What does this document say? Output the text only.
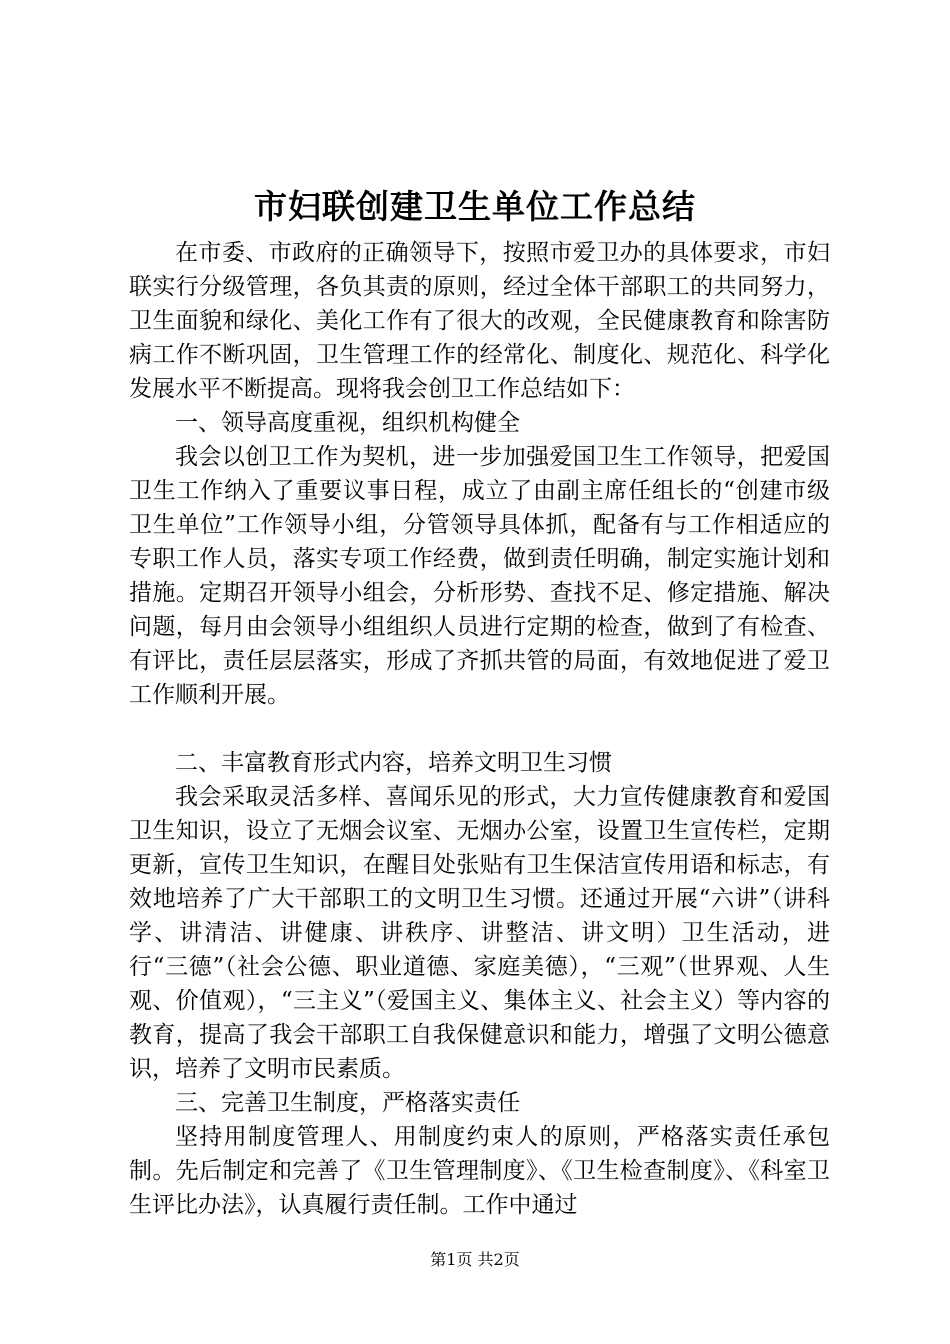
市妇联创建卫生单位工作总结

在市委、市政府的正确领导下，按照市爱卫办的具体要求，市妇联实行分级管理，各负其责的原则，经过全体干部职工的共同努力，卫生面貌和绿化、美化工作有了很大的改观，全民健康教育和除害防病工作不断巩固，卫生管理工作的经常化、制度化、规范化、科学化发展水平不断提高。现将我会创卫工作总结如下：

一、领导高度重视，组织机构健全

我会以创卫工作为契机，进一步加强爱国卫生工作领导，把爱国卫生工作纳入了重要议事日程，成立了由副主席任组长的“创建市级卫生单位”工作领导小组，分管领导具体抓，配备有与工作相适应的专职工作人员，落实专项工作经费，做到责任明确，制定实施计划和措施。定期召开领导小组会，分析形势、查找不足、修定措施、解决问题，每月由会领导小组组织人员进行定期的检查，做到了有检查、有评比，责任层层落实，形成了齐抓共管的局面，有效地促进了爱卫工作顺利开展。

二、丰富教育形式内容，培养文明卫生习惯

我会采取灵活多样、喜闻乐见的形式，大力宣传健康教育和爱国卫生知识，设立了无烟会议室、无烟办公室，设置卫生宣传栏，定期更新，宣传卫生知识，在醒目处张贴有卫生保洁宣传用语和标志，有效地培养了广大干部职工的文明卫生习惯。还通过开展“六讲”（讲科学、讲清洁、讲健康、讲秩序、讲整洁、讲文明）卫生活动，进行“三德”（社会公德、职业道德、家庭美德），“三观”（世界观、人生观、价值观），“三主义”（爱国主义、集体主义、社会主义）等内容的教育，提高了我会干部职工自我保健意识和能力，增强了文明公德意识，培养了文明市民素质。

三、完善卫生制度，严格落实责任

坚持用制度管理人、用制度约束人的原则，严格落实责任承包制。先后制定和完善了《卫生管理制度》、《卫生检查制度》、《科室卫生评比办法》，认真履行责任制。工作中通过

第1页 共2页
